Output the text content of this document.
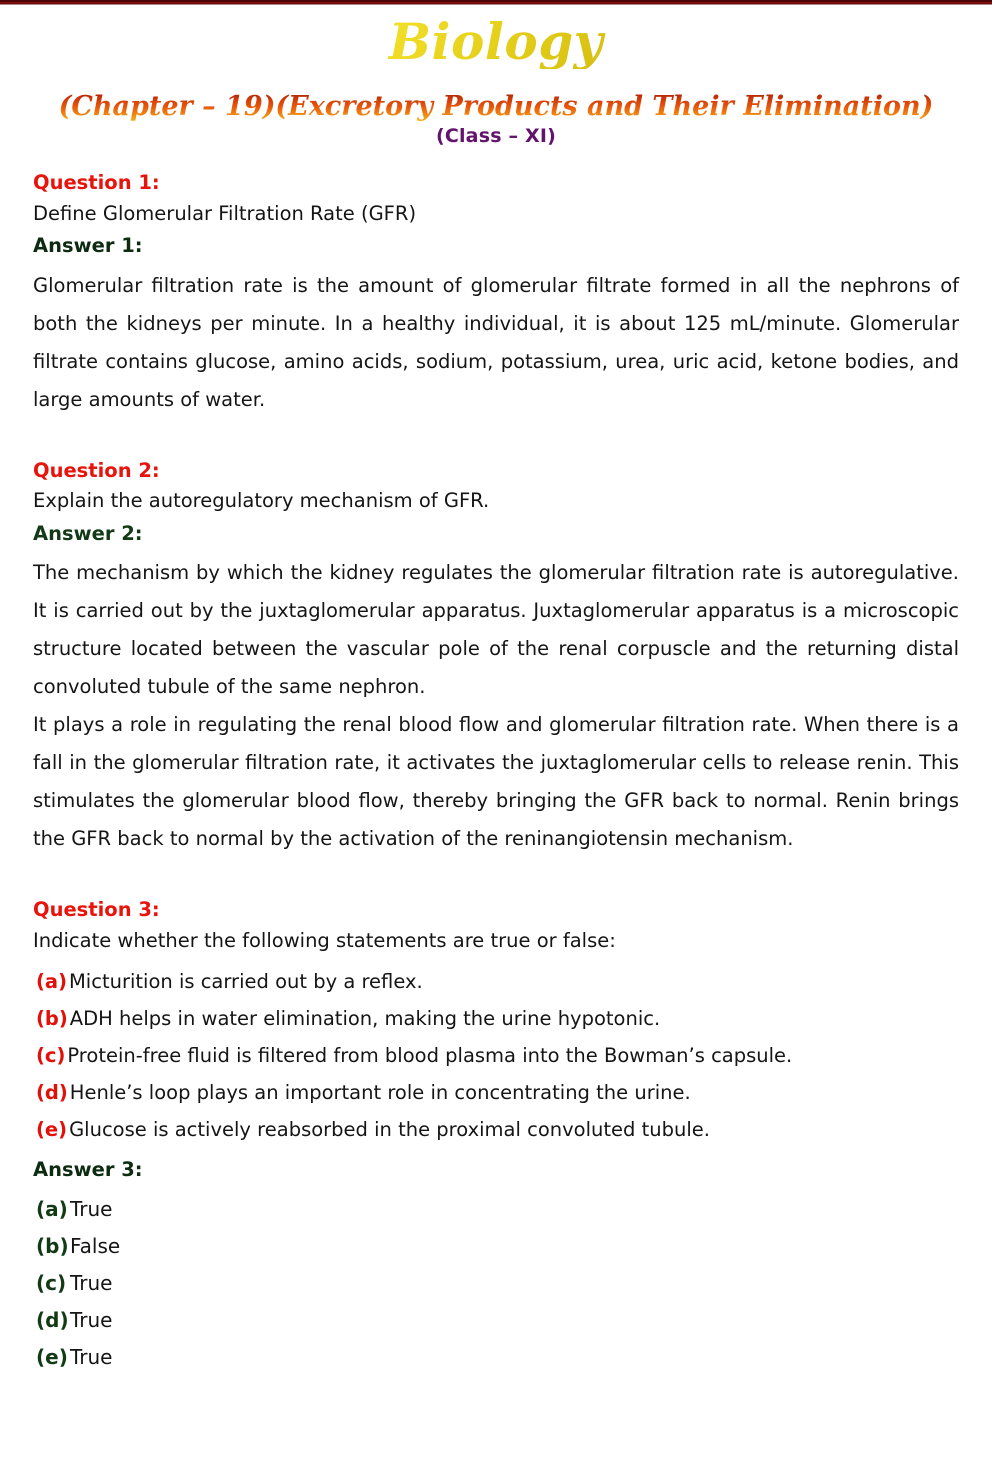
Biology
(Chapter – 19)(Excretory Products and Their Elimination)
(Class – XI)
Question 1:
Define Glomerular Filtration Rate (GFR)
Answer 1:

Glomerular filtration rate is the amount of glomerular filtrate formed in all the nephrons of both the kidneys per minute. In a healthy individual, it is about 125 mL/minute. Glomerular filtrate contains glucose, amino acids, sodium, potassium, urea, uric acid, ketone bodies, and large amounts of water.

Question 2:
Explain the autoregulatory mechanism of GFR.
Answer 2:

The mechanism by which the kidney regulates the glomerular filtration rate is autoregulative. It is carried out by the juxtaglomerular apparatus. Juxtaglomerular apparatus is a microscopic structure located between the vascular pole of the renal corpuscle and the returning distal convoluted tubule of the same nephron.

It plays a role in regulating the renal blood flow and glomerular filtration rate. When there is a fall in the glomerular filtration rate, it activates the juxtaglomerular cells to release renin. This stimulates the glomerular blood flow, thereby bringing the GFR back to normal. Renin brings the GFR back to normal by the activation of the reninangiotensin mechanism.

Question 3:
Indicate whether the following statements are true or false:
(a) Micturition is carried out by a reflex.
(b) ADH helps in water elimination, making the urine hypotonic.
(c) Protein-free fluid is filtered from blood plasma into the Bowman’s capsule.
(d) Henle’s loop plays an important role in concentrating the urine.
(e) Glucose is actively reabsorbed in the proximal convoluted tubule.
Answer 3:
(a) True
(b) False
(c) True
(d) True
(e) True
